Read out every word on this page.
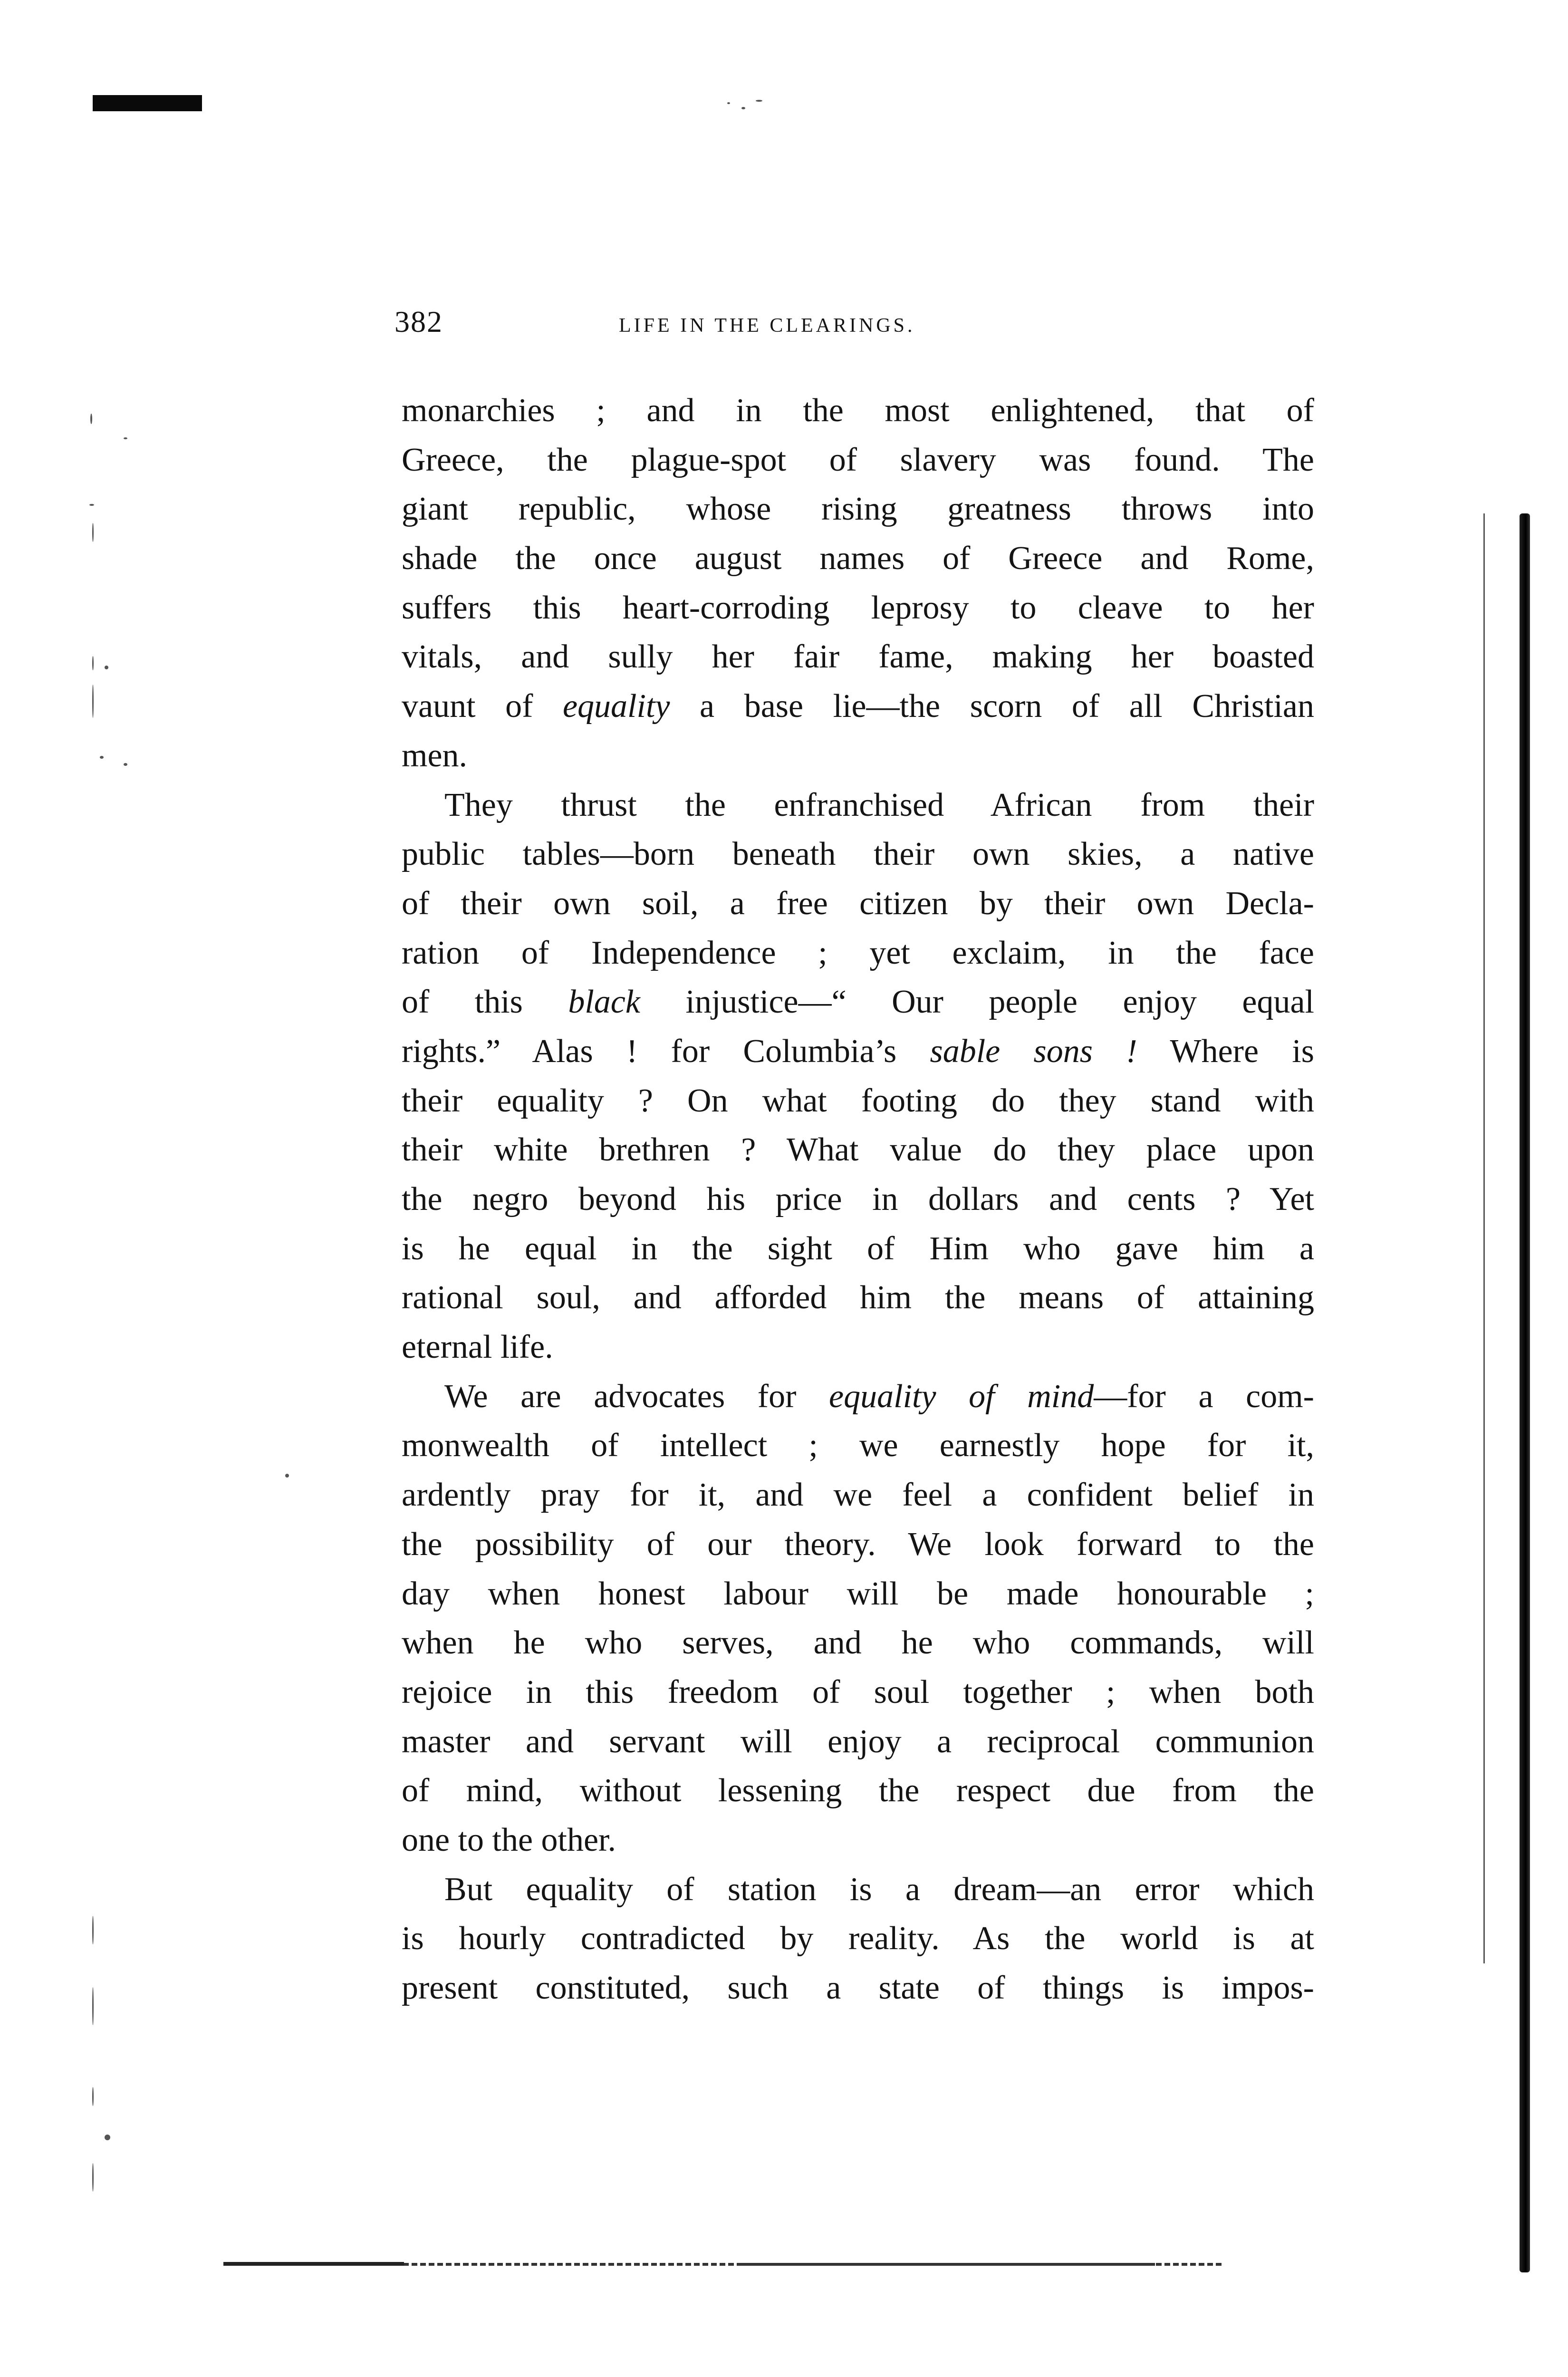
382	LIFE IN THE CLEARINGS.
monarchies ; and in the most enlightened, that of
Greece, the plague-spot of slavery was found. The
giant republic, whose rising greatness throws into
shade the once august names of Greece and Rome,
suffers this heart-corroding leprosy to cleave to her
vitals, and sully her fair fame, making her boasted
vaunt of equality a base lie—the scorn of all Christian
men.
They thrust the enfranchised African from their
public tables—born beneath their own skies, a native
of their own soil, a free citizen by their own Decla-
ration of Independence ; yet exclaim, in the face
of this black injustice—“ Our people enjoy equal
rights.” Alas ! for Columbia’s sable sons ! Where is
their equality ? On what footing do they stand with
their white brethren ? What value do they place upon
the negro beyond his price in dollars and cents ? Yet
is he equal in the sight of Him who gave him a
rational soul, and afforded him the means of attaining
eternal life.
We are advocates for equality of mind—for a com-
monwealth of intellect ; we earnestly hope for it,
ardently pray for it, and we feel a confident belief in
the possibility of our theory. We look forward to the
day when honest labour will be made honourable ;
when he who serves, and he who commands, will
rejoice in this freedom of soul together ; when both
master and servant will enjoy a reciprocal communion
of mind, without lessening the respect due from the
one to the other.
But equality of station is a dream—an error which
is hourly contradicted by reality. As the world is at
present constituted, such a state of things is impos-
